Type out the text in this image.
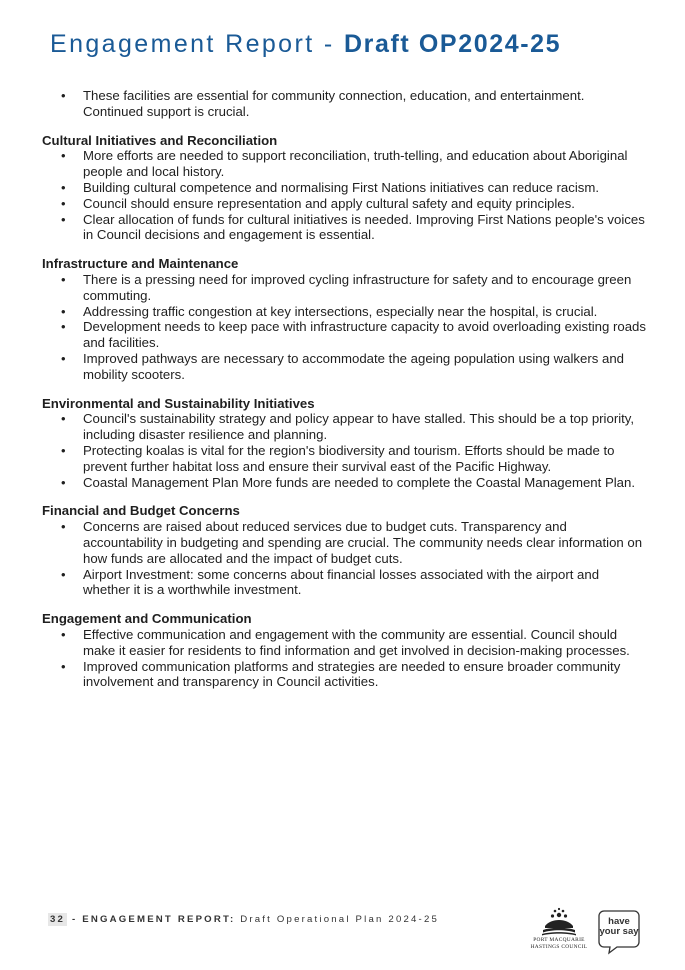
Engagement Report - Draft OP2024-25
• These facilities are essential for community connection, education, and entertainment. Continued support is crucial.
Cultural Initiatives and Reconciliation
• More efforts are needed to support reconciliation, truth-telling, and education about Aboriginal people and local history.
• Building cultural competence and normalising First Nations initiatives can reduce racism.
• Council should ensure representation and apply cultural safety and equity principles.
• Clear allocation of funds for cultural initiatives is needed. Improving First Nations people's voices in Council decisions and engagement is essential.
Infrastructure and Maintenance
• There is a pressing need for improved cycling infrastructure for safety and to encourage green commuting.
• Addressing traffic congestion at key intersections, especially near the hospital, is crucial.
• Development needs to keep pace with infrastructure capacity to avoid overloading existing roads and facilities.
• Improved pathways are necessary to accommodate the ageing population using walkers and mobility scooters.
Environmental and Sustainability Initiatives
• Council's sustainability strategy and policy appear to have stalled. This should be a top priority, including disaster resilience and planning.
• Protecting koalas is vital for the region's biodiversity and tourism. Efforts should be made to prevent further habitat loss and ensure their survival east of the Pacific Highway.
• Coastal Management Plan More funds are needed to complete the Coastal Management Plan.
Financial and Budget Concerns
• Concerns are raised about reduced services due to budget cuts. Transparency and accountability in budgeting and spending are crucial. The community needs clear information on how funds are allocated and the impact of budget cuts.
• Airport Investment: some concerns about financial losses associated with the airport and whether it is a worthwhile investment.
Engagement and Communication
• Effective communication and engagement with the community are essential. Council should make it easier for residents to find information and get involved in decision-making processes.
• Improved communication platforms and strategies are needed to ensure broader community involvement and transparency in Council activities.
32 - ENGAGEMENT REPORT: Draft Operational Plan 2024-25
PORT MACQUARIE
HASTINGS COUNCIL
have
your say
